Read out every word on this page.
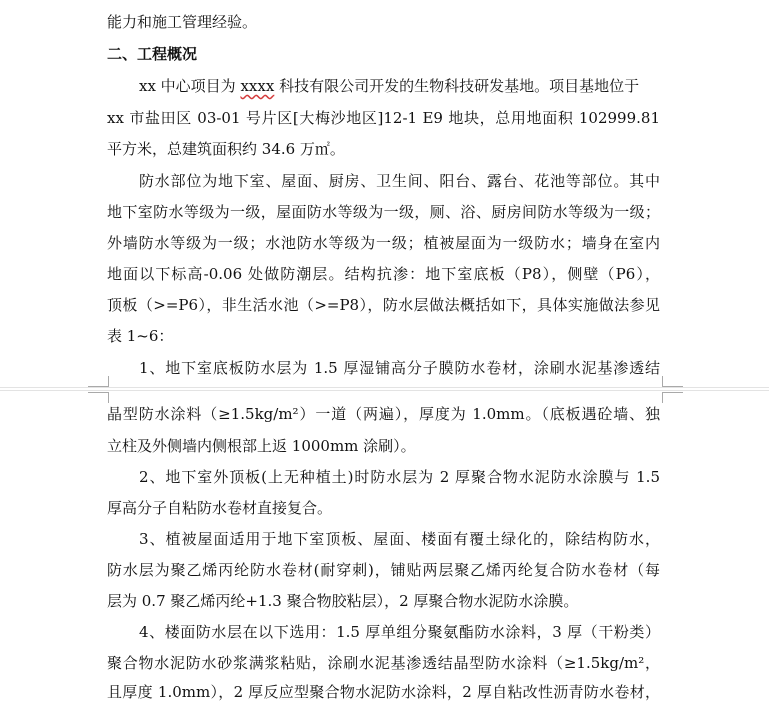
能力和施工管理经验。

二、工程概况

xx 中心项目为 xxxx 科技有限公司开发的生物科技研发基地。项目基地位于

xx 市盐田区 03-01 号片区[大梅沙地区]12-1 E9 地块，总用地面积 102999.81

平方米，总建筑面积约 34.6 万㎡。

防水部位为地下室、屋面、厨房、卫生间、阳台、露台、花池等部位。其中

地下室防水等级为一级，屋面防水等级为一级，厕、浴、厨房间防水等级为一级；

外墙防水等级为一级；水池防水等级为一级；植被屋面为一级防水；墙身在室内

地面以下标高-0.06 处做防潮层。结构抗渗：地下室底板（P8），侧壁（P6），

顶板（>=P6），非生活水池（>=P8），防水层做法概括如下，具体实施做法参见

表 1~6：

1、地下室底板防水层为 1.5 厚湿铺高分子膜防水卷材，涂刷水泥基渗透结

晶型防水涂料（≥1.5kg/m²）一道（两遍），厚度为 1.0mm。（底板遇砼墙、独

立柱及外侧墙内侧根部上返 1000mm 涂刷）。

2、地下室外顶板(上无种植土)时防水层为 2 厚聚合物水泥防水涂膜与 1.5

厚高分子自粘防水卷材直接复合。

3、植被屋面适用于地下室顶板、屋面、楼面有覆土绿化的，除结构防水，

防水层为聚乙烯丙纶防水卷材(耐穿刺)，铺贴两层聚乙烯丙纶复合防水卷材（每

层为 0.7 聚乙烯丙纶+1.3 聚合物胶粘层），2 厚聚合物水泥防水涂膜。

4、楼面防水层在以下选用：1.5 厚单组分聚氨酯防水涂料，3 厚（干粉类）

聚合物水泥防水砂浆满浆粘贴，涂刷水泥基渗透结晶型防水涂料（≥1.5kg/m²，

且厚度 1.0mm），2 厚反应型聚合物水泥防水涂料，2 厚自粘改性沥青防水卷材，
